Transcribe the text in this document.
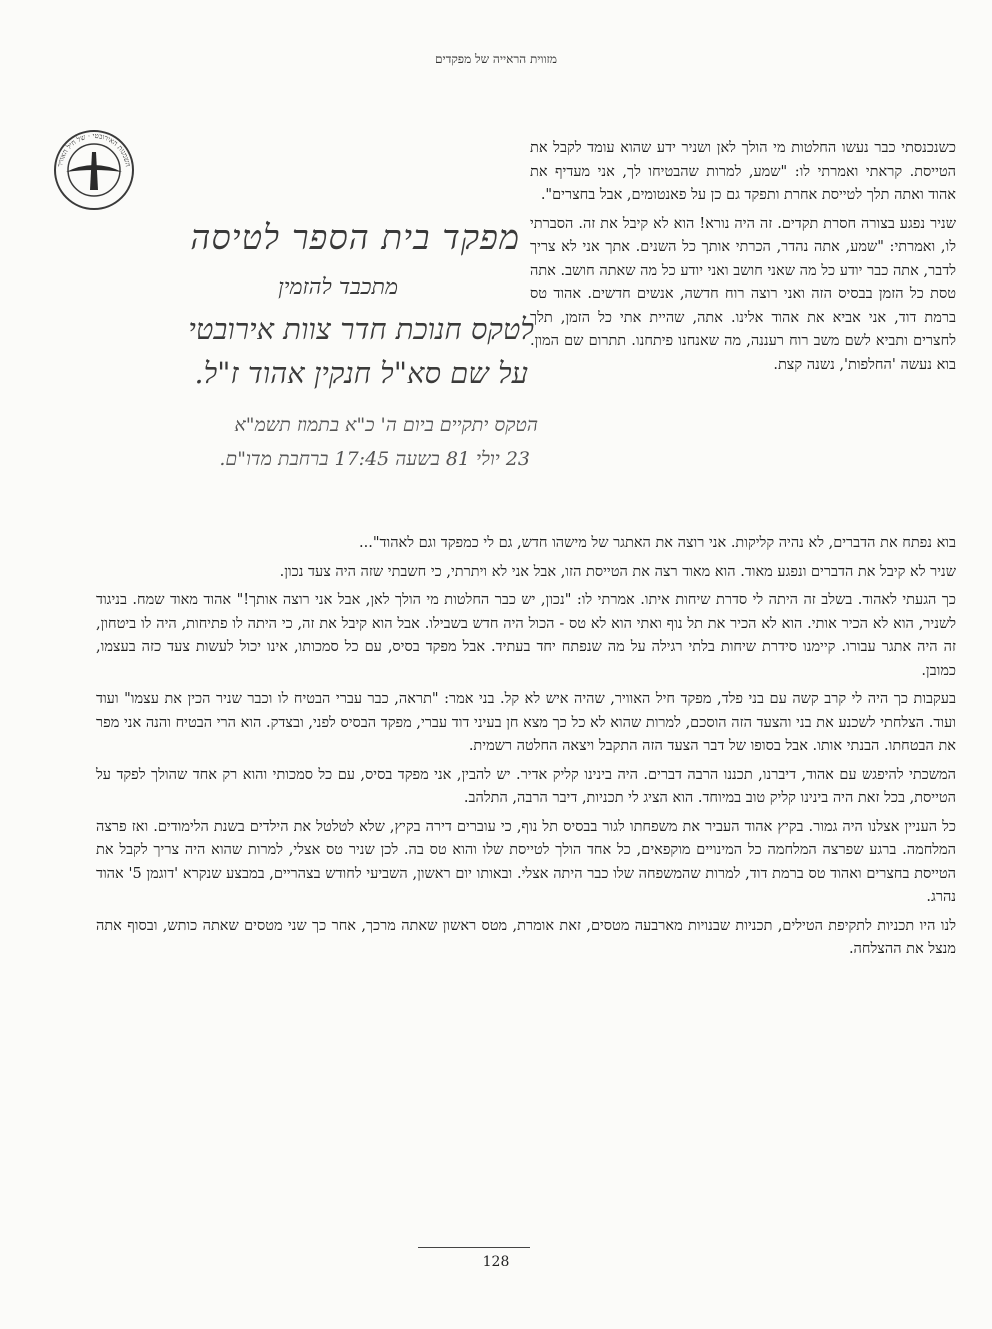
מזווית הראייה של מפקדים
השמנות האירובטי · של חיל האוויר
מפקד בית הספר לטיסה
מתכבד להזמין
לטקס חנוכת חדר צוות אירובטי
על שם סא"ל חנקין אהוד ז"ל.
הטקס יתקיים ביום ה' כ"א בתמוז תשמ"א
23 יולי 81 בשעה 17:45 ברחבת מדו"ם.

כשנכנסתי כבר נעשו החלטות מי הולך לאן ושניר ידע שהוא עומד לקבל את הטייסת. קראתי ואמרתי לו: "שמע, למרות שהבטיחו לך, אני מעדיף את אהוד ואתה תלך לטייסת אחרת ותפקד גם כן על פאנטומים, אבל בחצרים".

שניר נפגע בצורה חסרת תקדים. זה היה נורא! הוא לא קיבל את זה. הסברתי לו, ואמרתי: "שמע, אתה נהדר, הכרתי אותך כל השנים. אתך אני לא צריך לדבר, אתה כבר יודע כל מה שאני חושב ואני יודע כל מה שאתה חושב. אתה טסת כל הזמן בבסיס הזה ואני רוצה רוח חדשה, אנשים חדשים. אהוד טס ברמת דוד, אני אביא את אהוד אלינו. אתה, שהיית אתי כל הזמן, תלך לחצרים ותביא לשם משב רוח רעננה, מה שאנחנו פיתחנו. תתרום שם המון. בוא נעשה 'החלפות', נשנה קצת.

בוא נפתח את הדברים, לא נהיה קליקות. אני רוצה את האתגר של מישהו חדש, גם לי כמפקד וגם לאהוד"...

שניר לא קיבל את הדברים ונפגע מאוד. הוא מאוד רצה את הטייסת הזו, אבל אני לא ויתרתי, כי חשבתי שזה היה צעד נכון.

כך הגעתי לאהוד. בשלב זה היתה לי סדרת שיחות איתו. אמרתי לו: "נכון, יש כבר החלטות מי הולך לאן, אבל אני רוצה אותך!" אהוד מאוד שמח. בניגוד לשניר, הוא לא הכיר אותי. הוא לא הכיר את תל נוף ואתי הוא לא טס - הכול היה חדש בשבילו. אבל הוא קיבל את זה, כי היתה לו פתיחות, היה לו ביטחון, זה היה אתגר עבורו. קיימנו סידרת שיחות בלתי רגילה על מה שנפתח יחד בעתיד. אבל מפקד בסיס, עם כל סמכותו, אינו יכול לעשות צעד כזה בעצמו, כמובן.

בעקבות כך היה לי קרב קשה עם בני פלד, מפקד חיל האוויר, שהיה איש לא קל. בני אמר: "תראה, כבר עברי הבטיח לו וכבר שניר הכין את עצמו" ועוד ועוד. הצלחתי לשכנע את בני והצעד הזה הוסכם, למרות שהוא לא כל כך מצא חן בעיני דוד עברי, מפקד הבסיס לפני, ובצדק. הוא הרי הבטיח והנה אני מפר את הבטחתו. הבנתי אותו. אבל בסופו של דבר הצעד הזה התקבל ויצאה החלטה רשמית.

המשכתי להיפגש עם אהוד, דיברנו, תכננו הרבה דברים. היה בינינו קליק אדיר. יש להבין, אני מפקד בסיס, עם כל סמכותי והוא רק אחד שהולך לפקד על הטייסת, בכל זאת היה בינינו קליק טוב במיוחד. הוא הציג לי תכניות, דיבר הרבה, התלהב.

כל העניין אצלנו היה גמור. בקיץ אהוד העביר את משפחתו לגור בבסיס תל נוף, כי עוברים דירה בקיץ, שלא לטלטל את הילדים בשנת הלימודים. ואז פרצה המלחמה. ברגע שפרצה המלחמה כל המינויים מוקפאים, כל אחד הולך לטייסת שלו והוא טס בה. לכן שניר טס אצלי, למרות שהוא היה צריך לקבל את הטייסת בחצרים ואהוד טס ברמת דוד, למרות שהמשפחה שלו כבר היתה אצלי. ובאותו יום ראשון, השביעי לחודש בצהריים, במבצע שנקרא 'דוגמן 5' אהוד נהרג.

לנו היו תכניות לתקיפת הטילים, תכניות שבנויות מארבעה מטסים, זאת אומרת, מטס ראשון שאתה מרכך, אחר כך שני מטסים שאתה כותש, ובסוף אתה מנצל את ההצלחה.

128
